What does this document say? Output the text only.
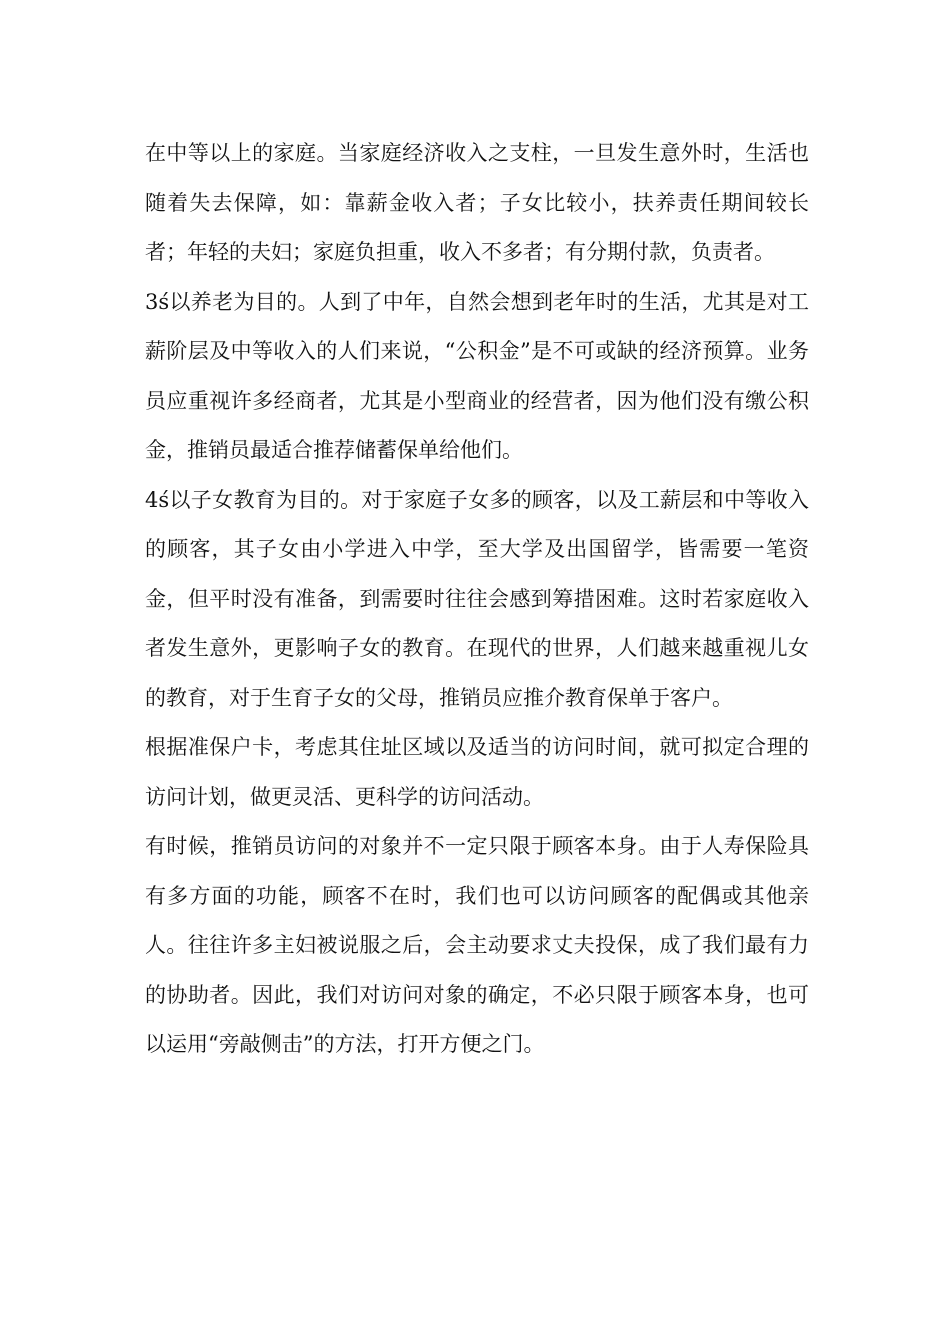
在中等以上的家庭。当家庭经济收入之支柱，一旦发生意外时，生活也随着失去保障，如：靠薪金收入者；子女比较小，扶养责任期间较长者；年轻的夫妇；家庭负担重，收入不多者；有分期付款，负责者。

3ś以养老为目的。人到了中年，自然会想到老年时的生活，尤其是对工薪阶层及中等收入的人们来说，“公积金”是不可或缺的经济预算。业务员应重视许多经商者，尤其是小型商业的经营者，因为他们没有缴公积金，推销员最适合推荐储蓄保单给他们。

4ś以子女教育为目的。对于家庭子女多的顾客，以及工薪层和中等收入的顾客，其子女由小学进入中学，至大学及出国留学，皆需要一笔资金，但平时没有准备，到需要时往往会感到筹措困难。这时若家庭收入者发生意外，更影响子女的教育。在现代的世界，人们越来越重视儿女的教育，对于生育子女的父母，推销员应推介教育保单于客户。

根据准保户卡，考虑其住址区域以及适当的访问时间，就可拟定合理的访问计划，做更灵活、更科学的访问活动。

有时候，推销员访问的对象并不一定只限于顾客本身。由于人寿保险具有多方面的功能，顾客不在时，我们也可以访问顾客的配偶或其他亲人。往往许多主妇被说服之后，会主动要求丈夫投保，成了我们最有力的协助者。因此，我们对访问对象的确定，不必只限于顾客本身，也可以运用“旁敲侧击”的方法，打开方便之门。
